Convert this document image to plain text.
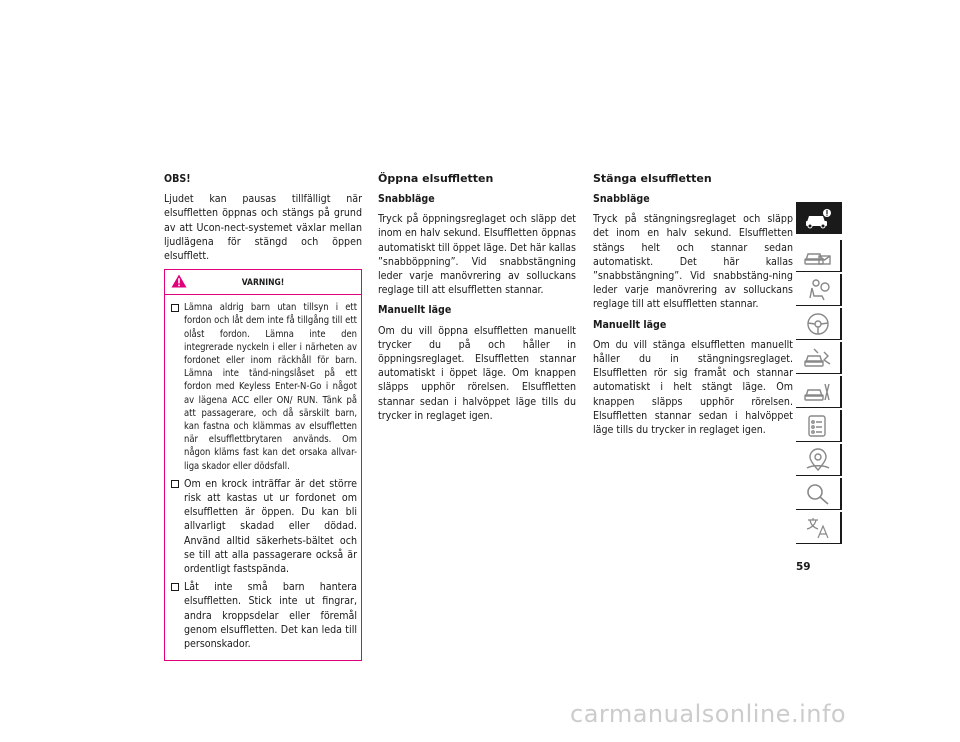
OBS!

Ljudet kan pausas tillfälligt när elsuffletten öppnas och stängs på grund av att Ucon-nect-systemet växlar mellan ljudlägena för stängd och öppen elsufflett.

VARNING!
Lämna aldrig barn utan tillsyn i ett fordon och låt dem inte få tillgång till ett olåst fordon. Lämna inte den integrerade nyckeln i eller i närheten av fordonet eller inom räckhåll för barn. Lämna inte tänd-ningslåset på ett fordon med Keyless Enter-N-Go i något av lägena ACC eller ON/ RUN. Tänk på att passagerare, och då särskilt barn, kan fastna och klämmas av elsuffletten när elsufflettbrytaren används. Om någon kläms fast kan det orsaka allvar-liga skador eller dödsfall.
Om en krock inträffar är det större risk att kastas ut ur fordonet om elsuffletten är öppen. Du kan bli allvarligt skadad eller dödad. Använd alltid säkerhets-bältet och se till att alla passagerare också är ordentligt fastspända.
Låt inte små barn hantera elsuffletten. Stick inte ut fingrar, andra kroppsdelar eller föremål genom elsuffletten. Det kan leda till personskador.

Öppna elsuffletten

Snabbläge

Tryck på öppningsreglaget och släpp det inom en halv sekund. Elsuffletten öppnas automatiskt till öppet läge. Det här kallas ”snabböppning”. Vid snabbstängning leder varje manövrering av solluckans reglage till att elsuffletten stannar.

Manuellt läge

Om du vill öppna elsuffletten manuellt trycker du på och håller in öppningsreglaget. Elsuffletten stannar automatiskt i öppet läge. Om knappen släpps upphör rörelsen. Elsuffletten stannar sedan i halvöppet läge tills du trycker in reglaget igen.

Stänga elsuffletten

Snabbläge

Tryck på stängningsreglaget och släpp det inom en halv sekund. Elsuffletten stängs helt och stannar sedan automatiskt. Det här kallas ”snabbstängning”. Vid snabbstäng-ning leder varje manövrering av solluckans reglage till att elsuffletten stannar.

Manuellt läge

Om du vill stänga elsuffletten manuellt håller du in stängningsreglaget. Elsuffletten rör sig framåt och stannar automatiskt i helt stängt läge. Om knappen släpps upphör rörelsen. Elsuffletten stannar sedan i halvöppet läge tills du trycker in reglaget igen.

59
carmanualsonline.info
